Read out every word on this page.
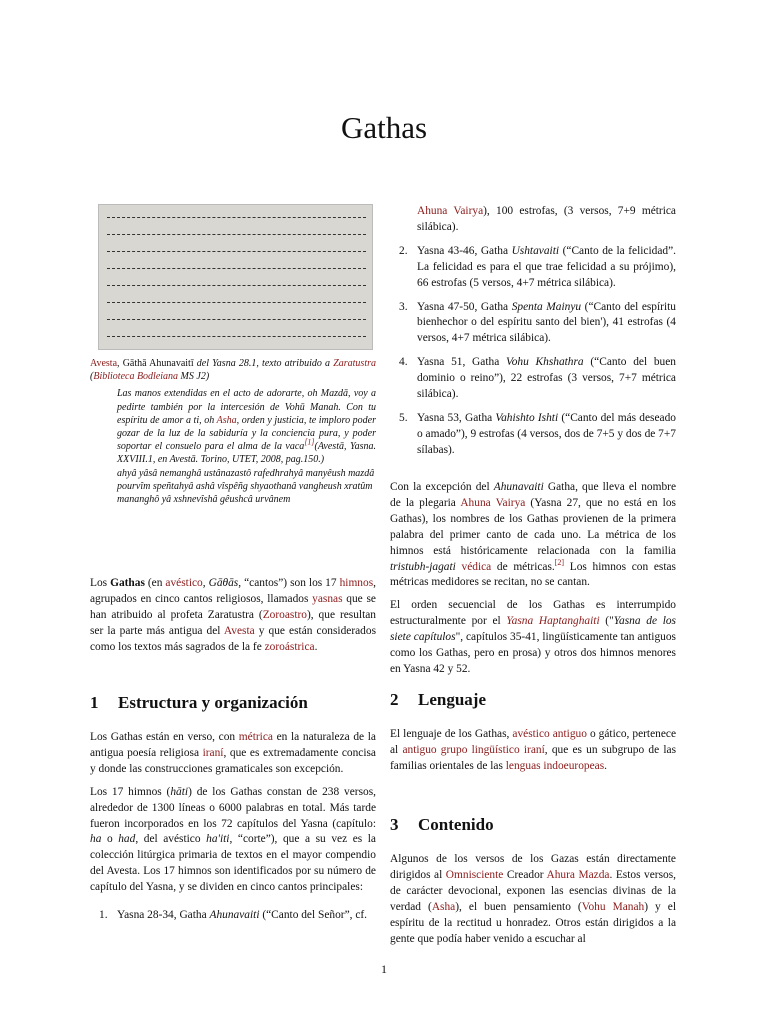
Gathas

Avesta, Gāthā Ahunavaitī del Yasna 28.1, texto atribuido a Zaratustra (Biblioteca Bodleiana MS J2)

Las manos extendidas en el acto de adorarte, oh Mazdā, voy a pedirte también por la intercesión de Vohū Manah. Con tu espíritu de amor a ti, oh Asha, orden y justicia, te imploro poder gozar de la luz de la sabiduría y la conciencia pura, y poder soportar el consuelo para el alma de la vaca[1](Avestā, Yasna. XXVIII.1, en Avestā. Torino, UTET, 2008, pag.150.)

ahyâ yâsâ nemanghâ ustânazastô rafedhrahyâ manyêush mazdâ pourvîm speñtahyâ ashâ vîspêñg shyaothanâ vangheush xratûm mananghô yâ xshnevîshâ gêushcâ urvânem

Los Gathas (en avéstico, Gāθās, “cantos”) son los 17 himnos, agrupados en cinco cantos religiosos, llamados yasnas que se han atribuido al profeta Zaratustra (Zoroastro), que resultan ser la parte más antigua del Avesta y que están considerados como los textos más sagrados de la fe zoroástrica.

1 Estructura y organización

Los Gathas están en verso, con métrica en la naturaleza de la antigua poesía religiosa iraní, que es extremadamente concisa y donde las construcciones gramaticales son excepción.

Los 17 himnos (hāti) de los Gathas constan de 238 versos, alrededor de 1300 líneas o 6000 palabras en total. Más tarde fueron incorporados en los 72 capítulos del Yasna (capítulo: ha o had, del avéstico ha'iti, “corte”), que a su vez es la colección litúrgica primaria de textos en el mayor compendio del Avesta. Los 17 himnos son identificados por su número de capítulo del Yasna, y se dividen en cinco cantos principales:

1. Yasna 28-34, Gatha Ahunavaiti (“Canto del Señor”, cf.
Ahuna Vairya), 100 estrofas, (3 versos, 7+9 métrica silábica).
2. Yasna 43-46, Gatha Ushtavaiti (“Canto de la felicidad”. La felicidad es para el que trae felicidad a su prójimo), 66 estrofas (5 versos, 4+7 métrica silábica).
3. Yasna 47-50, Gatha Spenta Mainyu (“Canto del espíritu bienhechor o del espíritu santo del bien'), 41 estrofas (4 versos, 4+7 métrica silábica).
4. Yasna 51, Gatha Vohu Khshathra (“Canto del buen dominio o reino”), 22 estrofas (3 versos, 7+7 métrica silábica).
5. Yasna 53, Gatha Vahishto Ishti (“Canto del más deseado o amado”), 9 estrofas (4 versos, dos de 7+5 y dos de 7+7 sílabas).

Con la excepción del Ahunavaiti Gatha, que lleva el nombre de la plegaria Ahuna Vairya (Yasna 27, que no está en los Gathas), los nombres de los Gathas provienen de la primera palabra del primer canto de cada uno. La métrica de los himnos está históricamente relacionada con la familia tristubh-jagati védica de métricas.[2] Los himnos con estas métricas medidores se recitan, no se cantan.

El orden secuencial de los Gathas es interrumpido estructuralmente por el Yasna Haptanghaiti ("Yasna de los siete capítulos", capítulos 35-41, lingüísticamente tan antiguos como los Gathas, pero en prosa) y otros dos himnos menores en Yasna 42 y 52.

2 Lenguaje

El lenguaje de los Gathas, avéstico antiguo o gático, pertenece al antiguo grupo lingüístico iraní, que es un subgrupo de las familias orientales de las lenguas indoeuropeas.

3 Contenido

Algunos de los versos de los Gazas están directamente dirigidos al Omnisciente Creador Ahura Mazda. Estos versos, de carácter devocional, exponen las esencias divinas de la verdad (Asha), el buen pensamiento (Vohu Manah) y el espíritu de la rectitud u honradez. Otros están dirigidos a la gente que podía haber venido a escuchar al

1
